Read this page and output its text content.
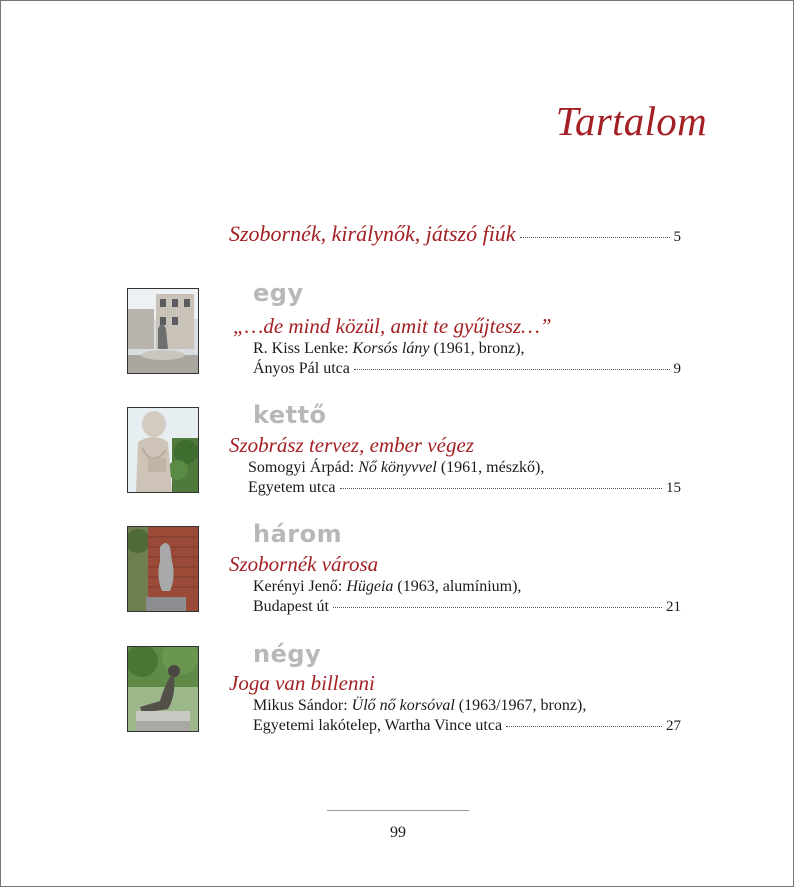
Tartalom
Szobornék, királynők, játszó fiúk	5
egy
„…de mind közül, amit te gyűjtesz…”
R. Kiss Lenke: Korsós lány (1961, bronz),
Ányos Pál utca	9
kettő
Szobrász tervez, ember végez
Somogyi Árpád: Nő könyvvel (1961, mészkő),
Egyetem utca	15
három
Szobornék városa
Kerényi Jenő: Hügeia (1963, alumínium),
Budapest út	21
négy
Joga van billenni
Mikus Sándor: Ülő nő korsóval (1963/1967, bronz),
Egyetemi lakótelep, Wartha Vince utca	27
99
